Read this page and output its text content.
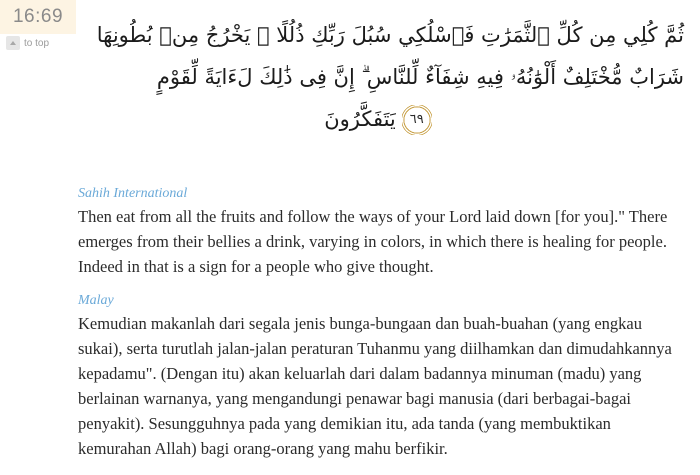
16:69
to top	ثُمَّ كُلِي مِن كُلِّ ٱلثَّمَرَ‌ٰتِ فَٱسْلُكِي سُبُلَ رَبِّكِ ذُلُلًا ۚ يَخْرُ‌جُ مِنۢ بُطُونِهَا
شَرَ‌ابٌ مُّخْتَلِفٌ أَلْوَ‌ٰنُهُۥ فِيهِ شِفَآءٌ لِّلنَّاسِ ۗ إِنَّ فِى ذَ‌ٰلِكَ لَءَايَةً لِّقَوْمٍ
٦٩يَتَفَكَّرُ‌ونَ
Sahih International
Then eat from all the fruits and follow the ways of your Lord laid down [for you]." There emerges from their bellies a drink, varying in colors, in which there is healing for people. Indeed in that is a sign for a people who give thought.
Malay
Kemudian makanlah dari segala jenis bunga-bungaan dan buah-buahan (yang engkau sukai), serta turutlah jalan-jalan peraturan Tuhanmu yang diilhamkan dan dimudahkannya kepadamu". (Dengan itu) akan keluarlah dari dalam badannya minuman (madu) yang berlainan warnanya, yang mengandungi penawar bagi manusia (dari berbagai-bagai penyakit). Sesungguhnya pada yang demikian itu, ada tanda (yang membuktikan kemurahan Allah) bagi orang-orang yang mahu berfikir.
